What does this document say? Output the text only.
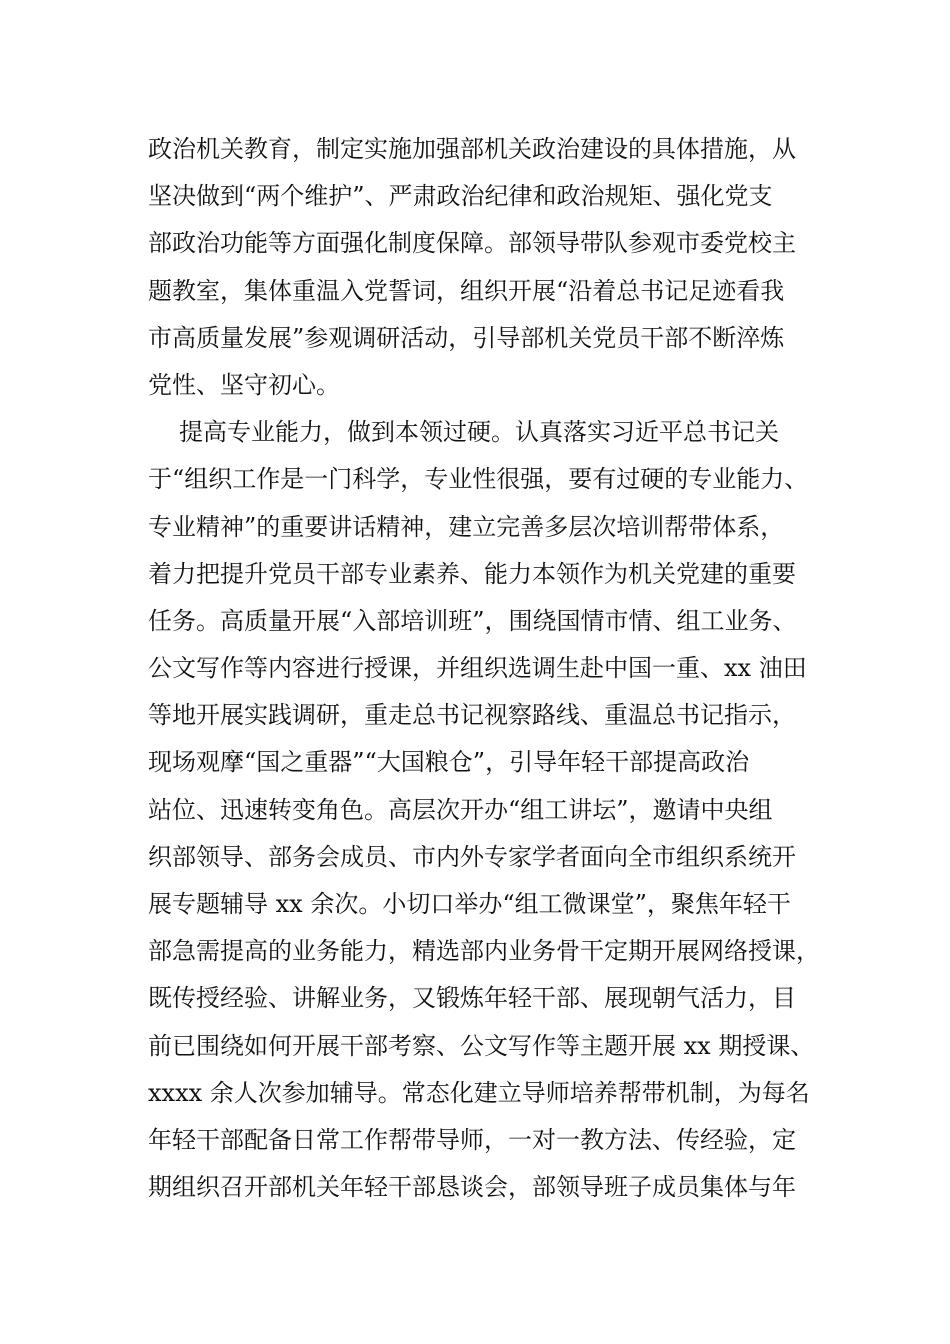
政治机关教育，制定实施加强部机关政治建设的具体措施，从
坚决做到“两个维护”、严肃政治纪律和政治规矩、强化党支
部政治功能等方面强化制度保障。部领导带队参观市委党校主
题教室，集体重温入党誓词，组织开展“沿着总书记足迹看我
市高质量发展”参观调研活动，引导部机关党员干部不断淬炼
党性、坚守初心。
提高专业能力，做到本领过硬。认真落实习近平总书记关
于“组织工作是一门科学，专业性很强，要有过硬的专业能力、
专业精神”的重要讲话精神，建立完善多层次培训帮带体系，
着力把提升党员干部专业素养、能力本领作为机关党建的重要
任务。高质量开展“入部培训班”，围绕国情市情、组工业务、
公文写作等内容进行授课，并组织选调生赴中国一重、xx 油田
等地开展实践调研，重走总书记视察路线、重温总书记指示，
现场观摩“国之重器”“大国粮仓”，引导年轻干部提高政治
站位、迅速转变角色。高层次开办“组工讲坛”，邀请中央组
织部领导、部务会成员、市内外专家学者面向全市组织系统开
展专题辅导 xx 余次。小切口举办“组工微课堂”，聚焦年轻干
部急需提高的业务能力，精选部内业务骨干定期开展网络授课，
既传授经验、讲解业务，又锻炼年轻干部、展现朝气活力，目
前已围绕如何开展干部考察、公文写作等主题开展 xx 期授课、
xxxx 余人次参加辅导。常态化建立导师培养帮带机制，为每名
年轻干部配备日常工作帮带导师，一对一教方法、传经验，定
期组织召开部机关年轻干部恳谈会，部领导班子成员集体与年
